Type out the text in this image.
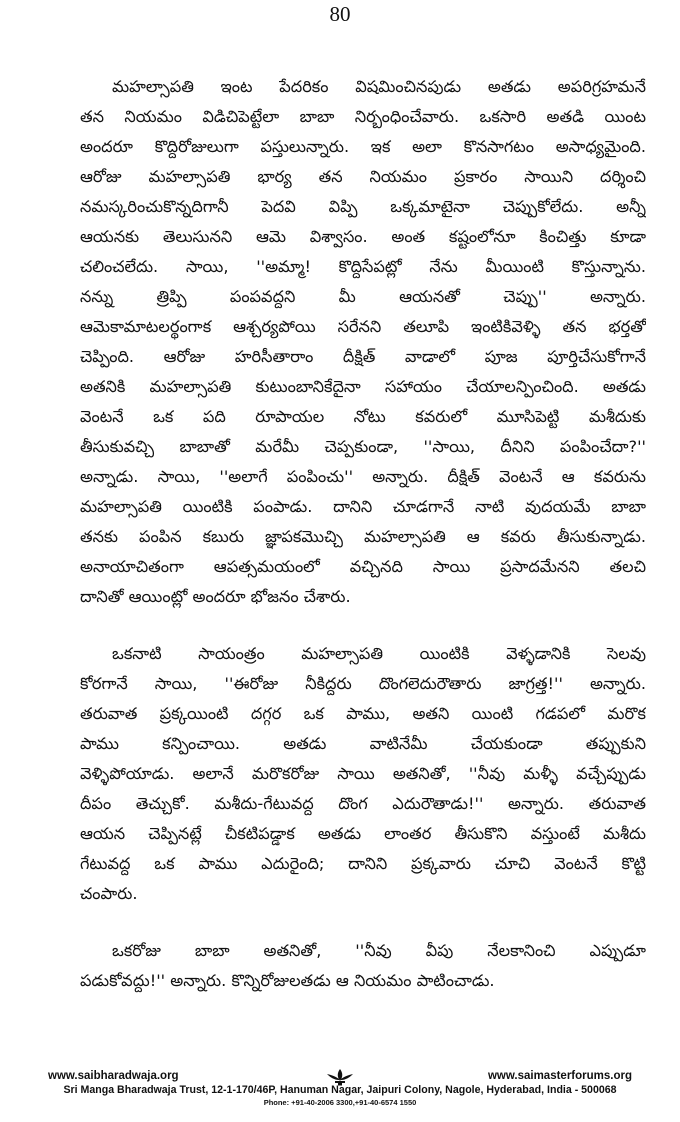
80
మహల్సాపతి ఇంట పేదరికం విషమించినపుడు అతడు అపరిగ్రహమనే
తన నియమం విడిచిపెట్టేలా బాబా నిర్బంధించేవారు. ఒకసారి అతడి యింట
అందరూ కొద్దిరోజులుగా పస్తులున్నారు. ఇక అలా కొనసాగటం అసాధ్యమైంది.
ఆరోజు మహల్సాపతి భార్య తన నియమం ప్రకారం సాయిని దర్శించి
నమస్కరించుకొన్నదిగానీ పెదవి విప్పి ఒక్కమాటైనా చెప్పుకోలేదు. అన్నీ
ఆయనకు తెలుసునని ఆమె విశ్వాసం. అంత కష్టంలోనూ కించిత్తు కూడా
చలించలేదు. సాయి, ''అమ్మా! కొద్దిసేపట్లో నేను మీయింటి కొస్తున్నాను.
నన్ను త్రిప్పి పంపవద్దని మీ ఆయనతో చెప్పు'' అన్నారు.
ఆమెకామాటలర్థంగాక ఆశ్చర్యపోయి సరేనని తలూపి ఇంటికివెళ్ళి తన భర్తతో
చెప్పింది. ఆరోజు హరిసీతారాం దీక్షిత్ వాడాలో పూజ పూర్తిచేసుకోగానే
అతనికి మహల్సాపతి కుటుంబానికేదైనా సహాయం చేయాలన్పించింది. అతడు
వెంటనే ఒక పది రూపాయల నోటు కవరులో మూసిపెట్టి మశీదుకు
తీసుకువచ్చి బాబాతో మరేమీ చెప్పకుండా, ''సాయి, దీనిని పంపించేదా?''
అన్నాడు. సాయి, ''అలాగే పంపించు'' అన్నారు. దీక్షిత్ వెంటనే ఆ కవరును
మహల్సాపతి యింటికి పంపాడు. దానిని చూడగానే నాటి వుదయమే బాబా
తనకు పంపిన కబురు జ్ఞాపకమొచ్చి మహల్సాపతి ఆ కవరు తీసుకున్నాడు.
అనాయాచితంగా ఆపత్సమయంలో వచ్చినది సాయి ప్రసాదమేనని తలచి
దానితో ఆయింట్లో అందరూ భోజనం చేశారు.
ఒకనాటి సాయంత్రం మహల్సాపతి యింటికి వెళ్ళడానికి సెలవు
కోరగానే సాయి, ''ఈరోజు నీకిద్దరు దొంగలెదురౌతారు జాగ్రత్త!'' అన్నారు.
తరువాత ప్రక్కయింటి దగ్గర ఒక పాము, అతని యింటి గడపలో మరొక
పాము కన్పించాయి. అతడు వాటినేమీ చేయకుండా తప్పుకుని
వెళ్ళిపోయాడు. అలానే మరొకరోజు సాయి అతనితో, ''నీవు మళ్ళీ వచ్చేప్పుడు
దీపం తెచ్చుకో. మశీదు-గేటువద్ద దొంగ ఎదురౌతాడు!'' అన్నారు. తరువాత
ఆయన చెప్పినట్లే చీకటిపడ్డాక అతడు లాంతర తీసుకొని వస్తుంటే మశీదు
గేటువద్ద ఒక పాము ఎదురైంది; దానిని ప్రక్కవారు చూచి వెంటనే కొట్టి
చంపారు.
ఒకరోజు బాబా అతనితో, ''నీవు వీపు నేలకానించి ఎప్పుడూ
పడుకోవద్దు!'' అన్నారు. కొన్నిరోజులతడు ఆ నియమం పాటించాడు.
www.saibharadwaja.org	www.saimasterforums.org
Sri Manga Bharadwaja Trust, 12-1-170/46P, Hanuman Nagar, Jaipuri Colony, Nagole, Hyderabad, India - 500068
Phone: +91-40-2006 3300,+91-40-6574 1550
